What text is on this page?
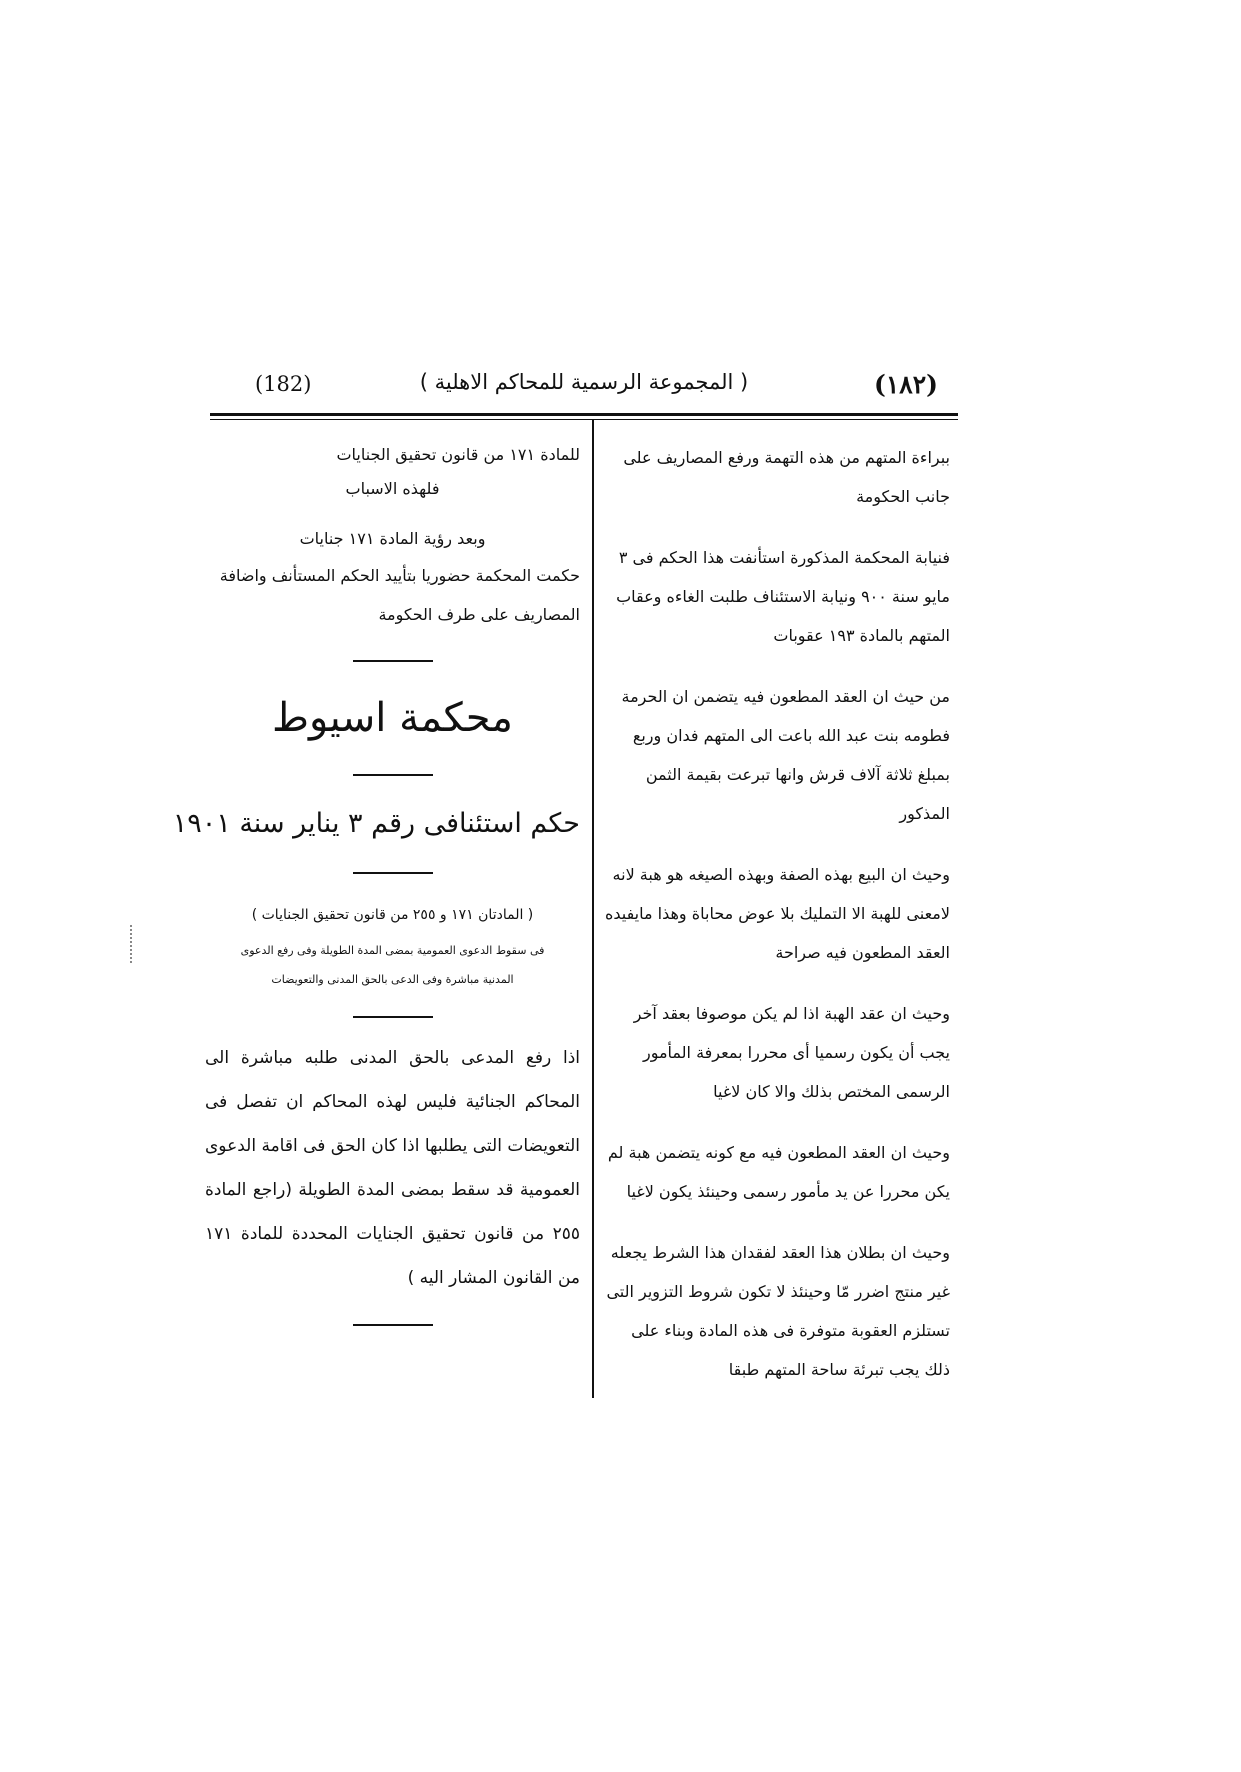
(182)	( المجموعة الرسمية للمحاكم الاهلية )	(١٨٢)

ببراءة المتهم من هذه التهمة ورفع المصاريف على جانب الحكومة

فنيابة المحكمة المذكورة استأنفت هذا الحكم فى ٣ مايو سنة ٩٠٠ ونيابة الاستئناف طلبت الغاءه وعقاب المتهم بالمادة ١٩٣ عقوبات

من حيث ان العقد المطعون فيه يتضمن ان الحرمة فطومه بنت عبد الله باعت الى المتهم فدان وربع بمبلغ ثلاثة آلاف قرش وانها تبرعت بقيمة الثمن المذكور

وحيث ان البيع بهذه الصفة وبهذه الصيغه هو هبة لانه لامعنى للهبة الا التمليك بلا عوض محاباة وهذا مايفيده العقد المطعون فيه صراحة

وحيث ان عقد الهبة اذا لم يكن موصوفا بعقد آخر يجب أن يكون رسميا أى محررا بمعرفة المأمور الرسمى المختص بذلك والا كان لاغيا

وحيث ان العقد المطعون فيه مع كونه يتضمن هبة لم يكن محررا عن يد مأمور رسمى وحينئذ يكون لاغيا

وحيث ان بطلان هذا العقد لفقدان هذا الشرط يجعله غير منتج اضرر مّا وحينئذ لا تكون شروط التزوير التى تستلزم العقوبة متوفرة فى هذه المادة وبناء على ذلك يجب تبرئة ساحة المتهم طبقا

للمادة ١٧١ من قانون تحقيق الجنايات

فلهذه الاسباب

وبعد رؤية المادة ١٧١ جنايات

حكمت المحكمة حضوريا بتأييد الحكم المستأنف واضافة المصاريف على طرف الحكومة

محكمة اسيوط

حكم استئنافى رقم ٣ يناير سنة ١٩٠١

( المادتان ١٧١ و ٢٥٥ من قانون تحقيق الجنايات )

فى سقوط الدعوى العمومية بمضى المدة الطويلة وفى رفع الدعوى

المدنية مباشرة وفى الدعى بالحق المدنى والتعويضات

اذا رفع المدعى بالحق المدنى طلبه مباشرة الى المحاكم الجنائية فليس لهذه المحاكم ان تفصل فى التعويضات التى يطلبها اذا كان الحق فى اقامة الدعوى العمومية قد سقط بمضى المدة الطويلة (راجع المادة ٢٥٥ من قانون تحقيق الجنايات المحددة للمادة ١٧١ من القانون المشار اليه )
